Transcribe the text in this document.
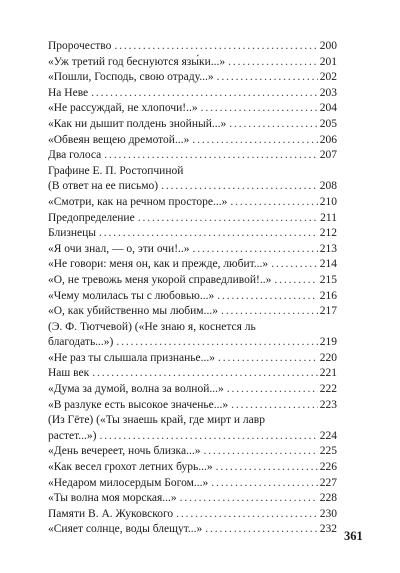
Пророчество . . .	200
«Уж третий год беснуются язы́ки...» . . .	201
«Пошли, Господь, свою отраду...» . . .	202
На Неве . . .	203
«Не рассуждай, не хлопочи!..» . . .	204
«Как ни дышит полдень знойный...» . . .	205
«Обвеян вещею дремотой...» . . .	206
Два голоса . . .	207
Графине Е. П. Ростопчиной
(В ответ на ее письмо) . . .	208
«Смотри, как на речном просторе...» . . .	210
Предопределение . . .	211
Близнецы . . .	212
«Я очи знал, — о, эти очи!..» . . .	213
«Не говори: меня он, как и прежде, любит...» . . .	214
«О, не тревожь меня укорой справедливой!..» . . .	215
«Чему молилась ты с любовью...» . . .	216
«О, как убийственно мы любим...» . . .	217
(Э. Ф. Тютчевой) («Не знаю я, коснется ль
благодать...») . . .	219
«Не раз ты слышала признанье...» . . .	220
Наш век . . .	221
«Дума за думой, волна за волной...» . . .	222
«В разлуке есть высокое значенье...» . . .	223
(Из Гёте) («Ты знаешь край, где мирт и лавр
растет...») . . .	224
«День вечереет, ночь близка...» . . .	225
«Как весел грохот летних бурь...» . . .	226
«Недаром милосердым Богом...» . . .	227
«Ты волна моя морская...» . . .	228
Памяти В. А. Жуковского . . .	230
«Сияет солнце, воды блещут...» . . .	232 361
